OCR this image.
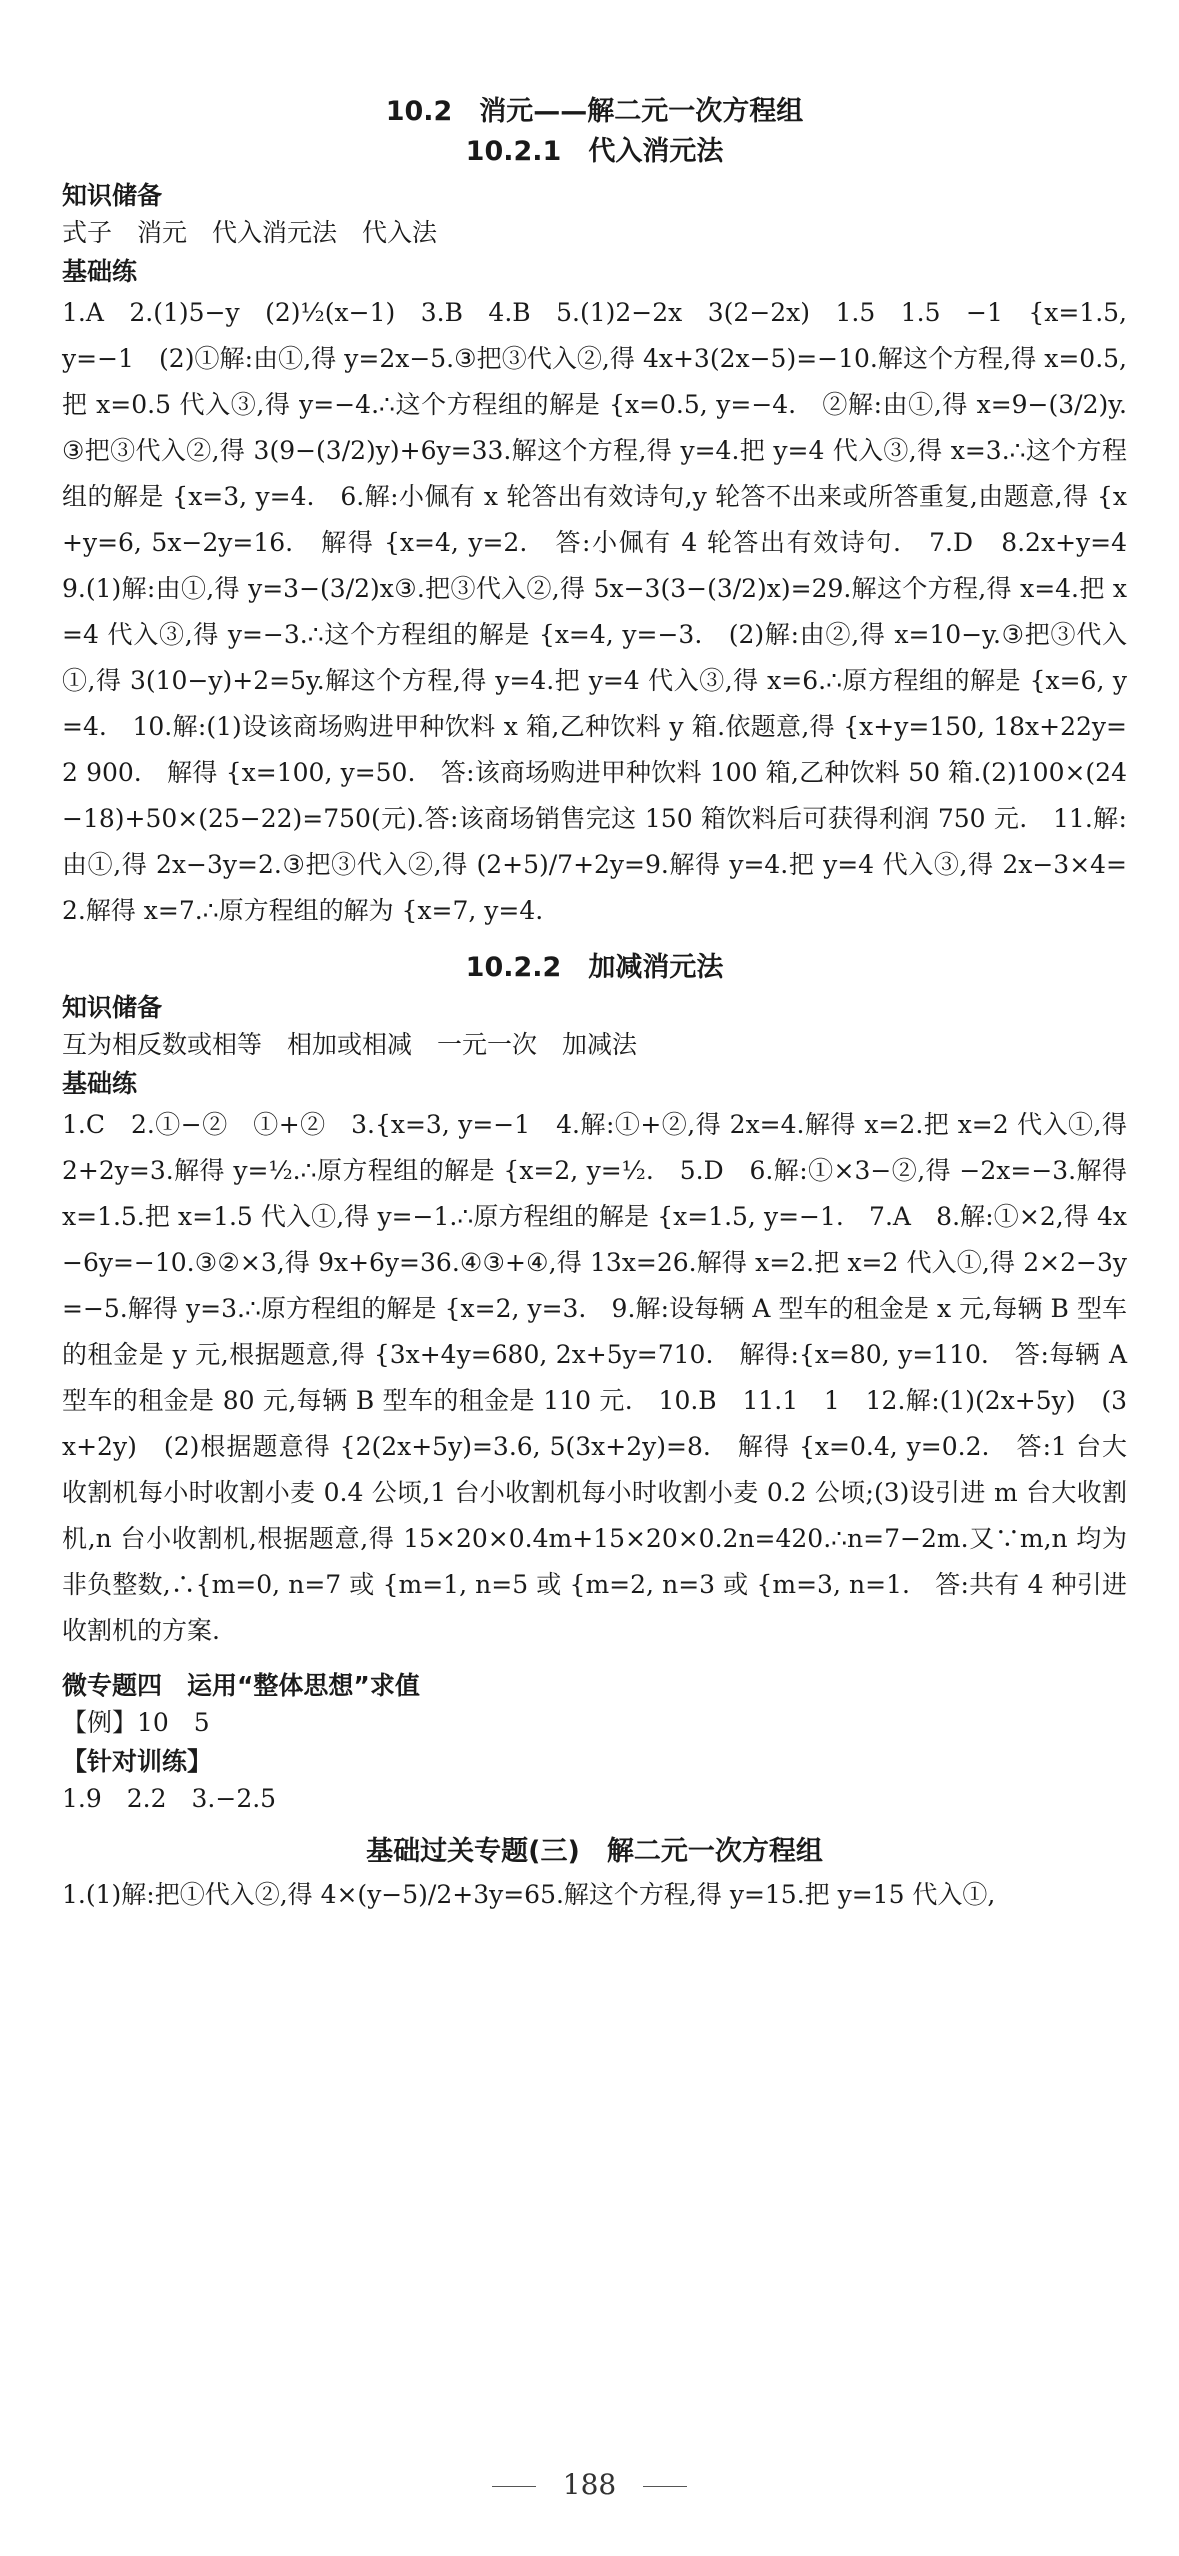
10.2　消元——解二元一次方程组
10.2.1　代入消元法
知识储备

式子　消元　代入消元法　代入法

基础练

1.A　2.(1)5−y　(2)½(x−1)　3.B　4.B　5.(1)2−2x　3(2−2x)　1.5　1.5　−1　{x=1.5, y=−1　(2)①解:由①,得 y=2x−5.③把③代入②,得 4x+3(2x−5)=−10.解这个方程,得 x=0.5,把 x=0.5 代入③,得 y=−4.∴这个方程组的解是 {x=0.5, y=−4.　②解:由①,得 x=9−(3/2)y.③把③代入②,得 3(9−(3/2)y)+6y=33.解这个方程,得 y=4.把 y=4 代入③,得 x=3.∴这个方程组的解是 {x=3, y=4.　6.解:小佩有 x 轮答出有效诗句,y 轮答不出来或所答重复,由题意,得 {x+y=6, 5x−2y=16.　解得 {x=4, y=2.　答:小佩有 4 轮答出有效诗句.　7.D　8.2x+y=4　9.(1)解:由①,得 y=3−(3/2)x③.把③代入②,得 5x−3(3−(3/2)x)=29.解这个方程,得 x=4.把 x=4 代入③,得 y=−3.∴这个方程组的解是 {x=4, y=−3.　(2)解:由②,得 x=10−y.③把③代入①,得 3(10−y)+2=5y.解这个方程,得 y=4.把 y=4 代入③,得 x=6.∴原方程组的解是 {x=6, y=4.　10.解:(1)设该商场购进甲种饮料 x 箱,乙种饮料 y 箱.依题意,得 {x+y=150, 18x+22y=2 900.　解得 {x=100, y=50.　答:该商场购进甲种饮料 100 箱,乙种饮料 50 箱.(2)100×(24−18)+50×(25−22)=750(元).答:该商场销售完这 150 箱饮料后可获得利润 750 元.　11.解:由①,得 2x−3y=2.③把③代入②,得 (2+5)/7+2y=9.解得 y=4.把 y=4 代入③,得 2x−3×4=2.解得 x=7.∴原方程组的解为 {x=7, y=4.

10.2.2　加减消元法
知识储备

互为相反数或相等　相加或相减　一元一次　加减法

基础练

1.C　2.①−②　①+②　3.{x=3, y=−1　4.解:①+②,得 2x=4.解得 x=2.把 x=2 代入①,得 2+2y=3.解得 y=½.∴原方程组的解是 {x=2, y=½.　5.D　6.解:①×3−②,得 −2x=−3.解得 x=1.5.把 x=1.5 代入①,得 y=−1.∴原方程组的解是 {x=1.5, y=−1.　7.A　8.解:①×2,得 4x−6y=−10.③②×3,得 9x+6y=36.④③+④,得 13x=26.解得 x=2.把 x=2 代入①,得 2×2−3y=−5.解得 y=3.∴原方程组的解是 {x=2, y=3.　9.解:设每辆 A 型车的租金是 x 元,每辆 B 型车的租金是 y 元,根据题意,得 {3x+4y=680, 2x+5y=710.　解得:{x=80, y=110.　答:每辆 A 型车的租金是 80 元,每辆 B 型车的租金是 110 元.　10.B　11.1　1　12.解:(1)(2x+5y)　(3x+2y)　(2)根据题意得 {2(2x+5y)=3.6, 5(3x+2y)=8.　解得 {x=0.4, y=0.2.　答:1 台大收割机每小时收割小麦 0.4 公顷,1 台小收割机每小时收割小麦 0.2 公顷;(3)设引进 m 台大收割机,n 台小收割机,根据题意,得 15×20×0.4m+15×20×0.2n=420.∴n=7−2m.又∵m,n 均为非负整数,∴{m=0, n=7 或 {m=1, n=5 或 {m=2, n=3 或 {m=3, n=1.　答:共有 4 种引进收割机的方案.

微专题四　运用“整体思想”求值

【例】10　5

【针对训练】

1.9　2.2　3.−2.5

基础过关专题(三)　解二元一次方程组

1.(1)解:把①代入②,得 4×(y−5)/2+3y=65.解这个方程,得 y=15.把 y=15 代入①,

188
